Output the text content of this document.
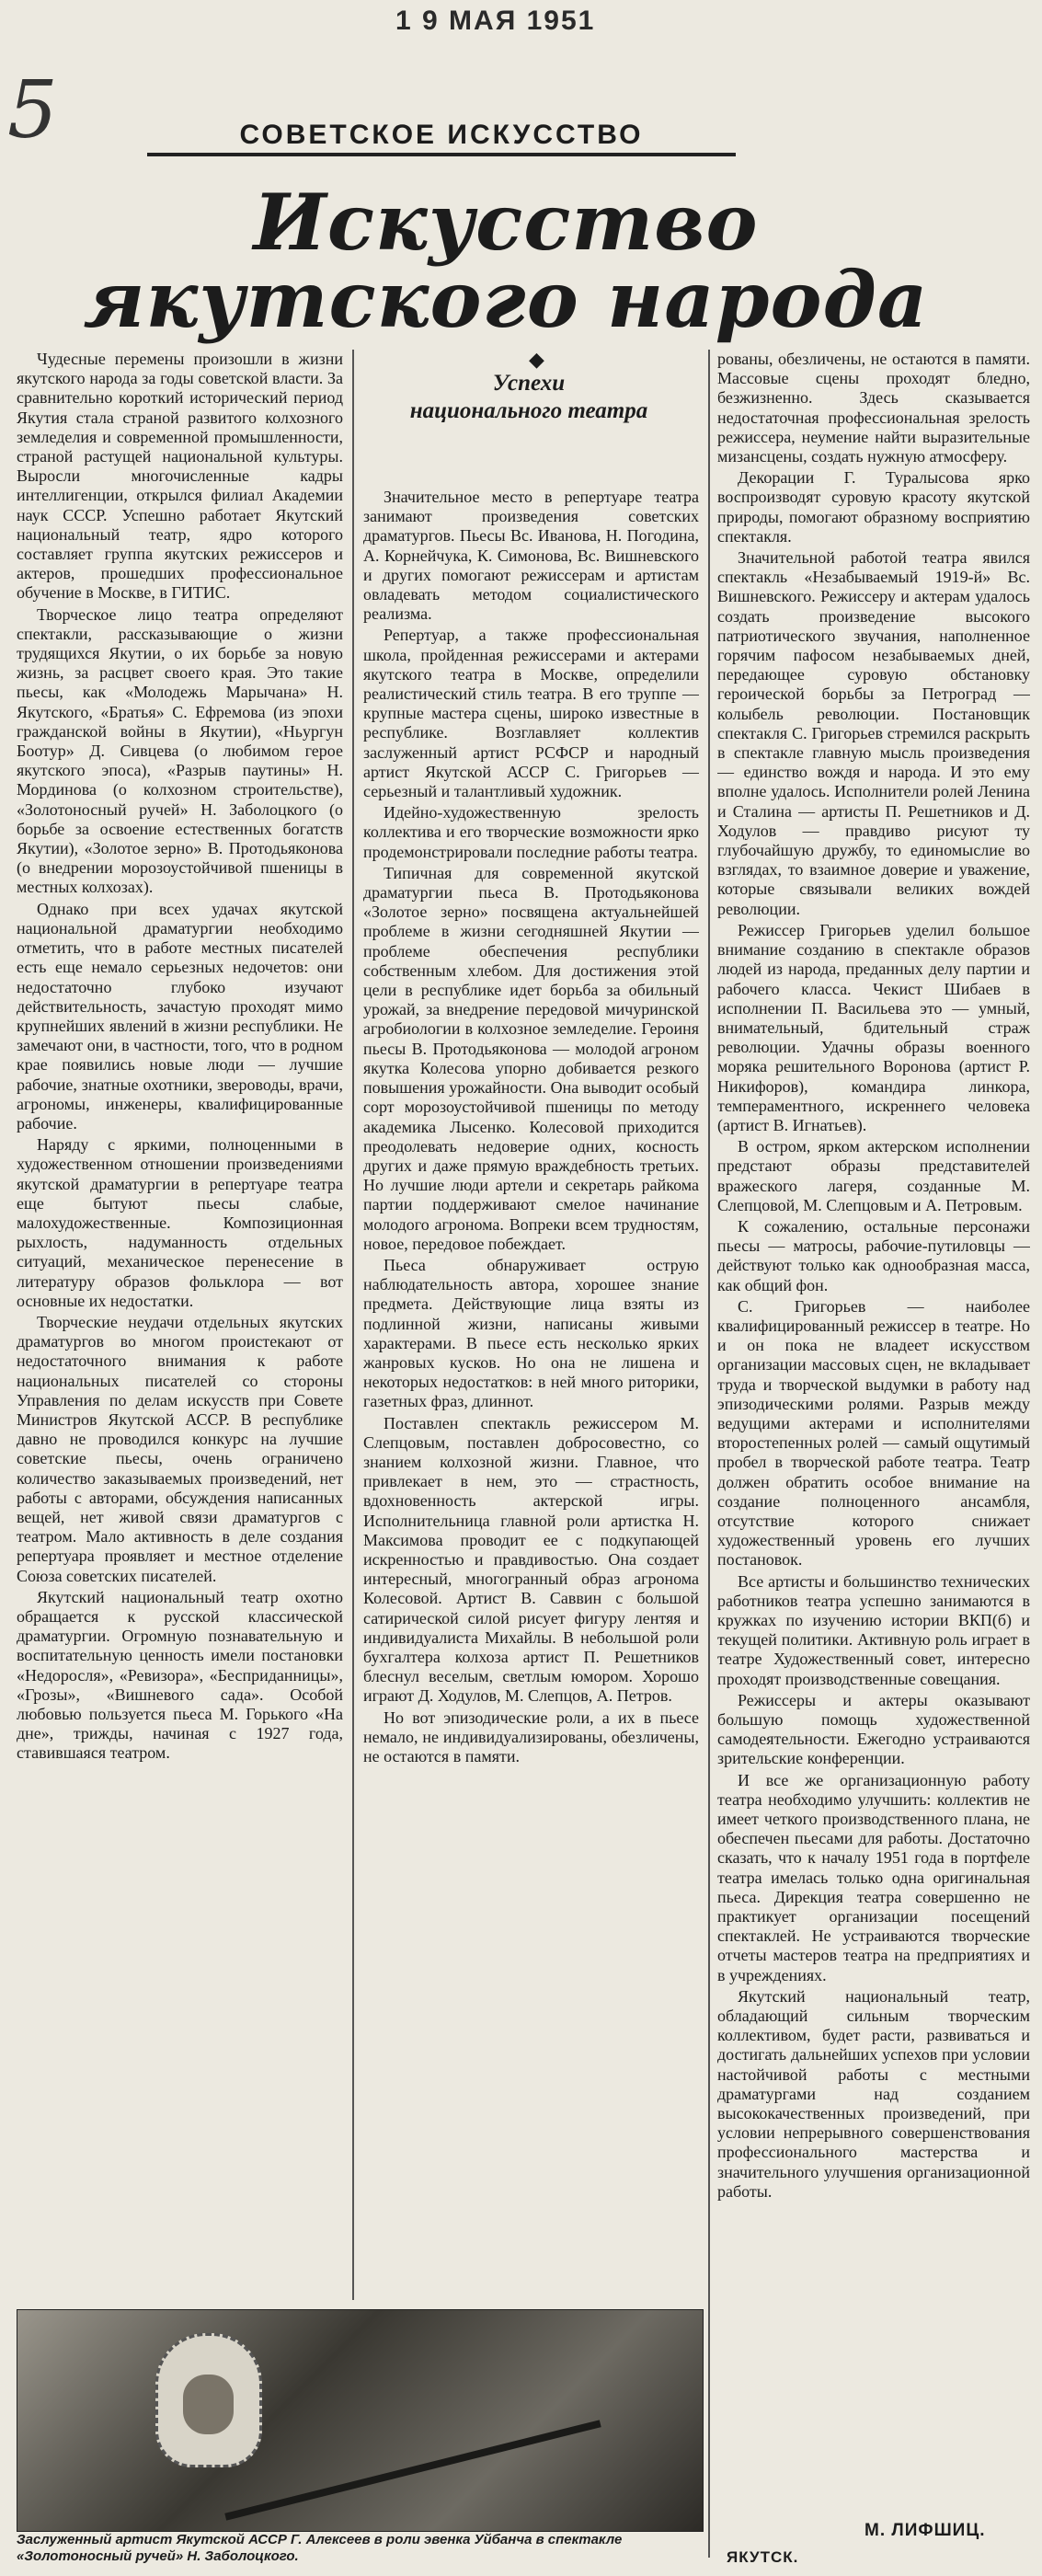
1 9 МАЯ 1951
5	СОВЕТСКОЕ ИСКУССТВО
Искусство
якутского народа
◆
Успехи
национального театра

Чудесные перемены произошли в жизни якутского народа за годы советской власти. За сравнительно короткий исторический период Якутия стала страной развитого колхозного земледелия и современной промышленности, страной растущей национальной культуры. Выросли многочисленные кадры интеллигенции, открылся филиал Академии наук СССР. Успешно работает Якутский национальный театр, ядро которого составляет группа якутских режиссеров и актеров, прошедших профессиональное обучение в Москве, в ГИТИС.

Творческое лицо театра определяют спектакли, рассказывающие о жизни трудящихся Якутии, о их борьбе за новую жизнь, за расцвет своего края. Это такие пьесы, как «Молодежь Марычана» Н. Якутского, «Братья» С. Ефремова (из эпохи гражданской войны в Якутии), «Ньургун Боотур» Д. Сивцева (о любимом герое якутского эпоса), «Разрыв паутины» Н. Мординова (о колхозном строительстве), «Золотоносный ручей» Н. Заболоцкого (о борьбе за освоение естественных богатств Якутии), «Золотое зерно» В. Протодьяконова (о внедрении морозоустойчивой пшеницы в местных колхозах).

Однако при всех удачах якутской национальной драматургии необходимо отметить, что в работе местных писателей есть еще немало серьезных недочетов: они недостаточно глубоко изучают действительность, зачастую проходят мимо крупнейших явлений в жизни республики. Не замечают они, в частности, того, что в родном крае появились новые люди — лучшие рабочие, знатные охотники, звероводы, врачи, агрономы, инженеры, квалифицированные рабочие.

Наряду с яркими, полноценными в художественном отношении произведениями якутской драматургии в репертуаре театра еще бытуют пьесы слабые, малохудожественные. Композиционная рыхлость, надуманность отдельных ситуаций, механическое перенесение в литературу образов фольклора — вот основные их недостатки.

Творческие неудачи отдельных якутских драматургов во многом проистекают от недостаточного внимания к работе национальных писателей со стороны Управления по делам искусств при Совете Министров Якутской АССР. В республике давно не проводился конкурс на лучшие советские пьесы, очень ограничено количество заказываемых произведений, нет работы с авторами, обсуждения написанных вещей, нет живой связи драматургов с театром. Мало активность в деле создания репертуара проявляет и местное отделение Союза советских писателей.

Якутский национальный театр охотно обращается к русской классической драматургии. Огромную познавательную и воспитательную ценность имели постановки «Недоросля», «Ревизора», «Бесприданницы», «Грозы», «Вишневого сада». Особой любовью пользуется пьеса М. Горького «На дне», трижды, начиная с 1927 года, ставившаяся театром.

Значительное место в репертуаре театра занимают произведения советских драматургов. Пьесы Вс. Иванова, Н. Погодина, А. Корнейчука, К. Симонова, Вс. Вишневского и других помогают режиссерам и артистам овладевать методом социалистического реализма.

Репертуар, а также профессиональная школа, пройденная режиссерами и актерами якутского театра в Москве, определили реалистический стиль театра. В его труппе — крупные мастера сцены, широко известные в республике. Возглавляет коллектив заслуженный артист РСФСР и народный артист Якутской АССР С. Григорьев — серьезный и талантливый художник.

Идейно-художественную зрелость коллектива и его творческие возможности ярко продемонстрировали последние работы театра.

Типичная для современной якутской драматургии пьеса В. Протодьяконова «Золотое зерно» посвящена актуальнейшей проблеме в жизни сегодняшней Якутии — проблеме обеспечения республики собственным хлебом. Для достижения этой цели в республике идет борьба за обильный урожай, за внедрение передовой мичуринской агробиологии в колхозное земледелие. Героиня пьесы В. Протодьяконова — молодой агроном якутка Колесова упорно добивается резкого повышения урожайности. Она выводит особый сорт морозоустойчивой пшеницы по методу академика Лысенко. Колесовой приходится преодолевать недоверие одних, косность других и даже прямую враждебность третьих. Но лучшие люди артели и секретарь райкома партии поддерживают смелое начинание молодого агронома. Вопреки всем трудностям, новое, передовое побеждает.

Пьеса обнаруживает острую наблюдательность автора, хорошее знание предмета. Действующие лица взяты из подлинной жизни, написаны живыми характерами. В пьесе есть несколько ярких жанровых кусков. Но она не лишена и некоторых недостатков: в ней много риторики, газетных фраз, длиннот.

Поставлен спектакль режиссером М. Слепцовым, поставлен добросовестно, со знанием колхозной жизни. Главное, что привлекает в нем, это — страстность, вдохновенность актерской игры. Исполнительница главной роли артистка Н. Максимова проводит ее с подкупающей искренностью и правдивостью. Она создает интересный, многогранный образ агронома Колесовой. Артист В. Саввин с большой сатирической силой рисует фигуру лентяя и индивидуалиста Михайлы. В небольшой роли бухгалтера колхоза артист П. Решетников блеснул веселым, светлым юмором. Хорошо играют Д. Ходулов, М. Слепцов, А. Петров.

Но вот эпизодические роли, а их в пьесе немало, не индивидуализированы, обезличены, не остаются в памяти.

рованы, обезличены, не остаются в памяти. Массовые сцены проходят бледно, безжизненно. Здесь сказывается недостаточная профессиональная зрелость режиссера, неумение найти выразительные мизансцены, создать нужную атмосферу.

Декорации Г. Туралысова ярко воспроизводят суровую красоту якутской природы, помогают образному восприятию спектакля.

Значительной работой театра явился спектакль «Незабываемый 1919-й» Вс. Вишневского. Режиссеру и актерам удалось создать произведение высокого патриотического звучания, наполненное горячим пафосом незабываемых дней, передающее суровую обстановку героической борьбы за Петроград — колыбель революции. Постановщик спектакля С. Григорьев стремился раскрыть в спектакле главную мысль произведения — единство вождя и народа. И это ему вполне удалось. Исполнители ролей Ленина и Сталина — артисты П. Решетников и Д. Ходулов — правдиво рисуют ту глубочайшую дружбу, то единомыслие во взглядах, то взаимное доверие и уважение, которые связывали великих вождей революции.

Режиссер Григорьев уделил большое внимание созданию в спектакле образов людей из народа, преданных делу партии и рабочего класса. Чекист Шибаев в исполнении П. Васильева это — умный, внимательный, бдительный страж революции. Удачны образы военного моряка решительного Воронова (артист Р. Никифоров), командира линкора, темпераментного, искреннего человека (артист В. Игнатьев).

В остром, ярком актерском исполнении предстают образы представителей вражеского лагеря, созданные М. Слепцовой, М. Слепцовым и А. Петровым.

К сожалению, остальные персонажи пьесы — матросы, рабочие-путиловцы — действуют только как однообразная масса, как общий фон.

С. Григорьев — наиболее квалифицированный режиссер в театре. Но и он пока не владеет искусством организации массовых сцен, не вкладывает труда и творческой выдумки в работу над эпизодическими ролями. Разрыв между ведущими актерами и исполнителями второстепенных ролей — самый ощутимый пробел в творческой работе театра. Театр должен обратить особое внимание на создание полноценного ансамбля, отсутствие которого снижает художественный уровень его лучших постановок.

Все артисты и большинство технических работников театра успешно занимаются в кружках по изучению истории ВКП(б) и текущей политики. Активную роль играет в театре Художественный совет, интересно проходят производственные совещания.

Режиссеры и актеры оказывают большую помощь художественной самодеятельности. Ежегодно устраиваются зрительские конференции.

И все же организационную работу театра необходимо улучшить: коллектив не имеет четкого производственного плана, не обеспечен пьесами для работы. Достаточно сказать, что к началу 1951 года в портфеле театра имелась только одна оригинальная пьеса. Дирекция театра совершенно не практикует организации посещений спектаклей. Не устраиваются творческие отчеты мастеров театра на предприятиях и в учреждениях.

Якутский национальный театр, обладающий сильным творческим коллективом, будет расти, развиваться и достигать дальнейших успехов при условии настойчивой работы с местными драматургами над созданием высококачественных произведений, при условии непрерывного совершенствования профессионального мастерства и значительного улучшения организационной работы.

Заслуженный артист Якутской АССР Г. Алексеев в роли эвенка Уйбанча в спектакле «Золотоносный ручей» Н. Заболоцкого.	ЯКУТСК.
М. ЛИФШИЦ.
